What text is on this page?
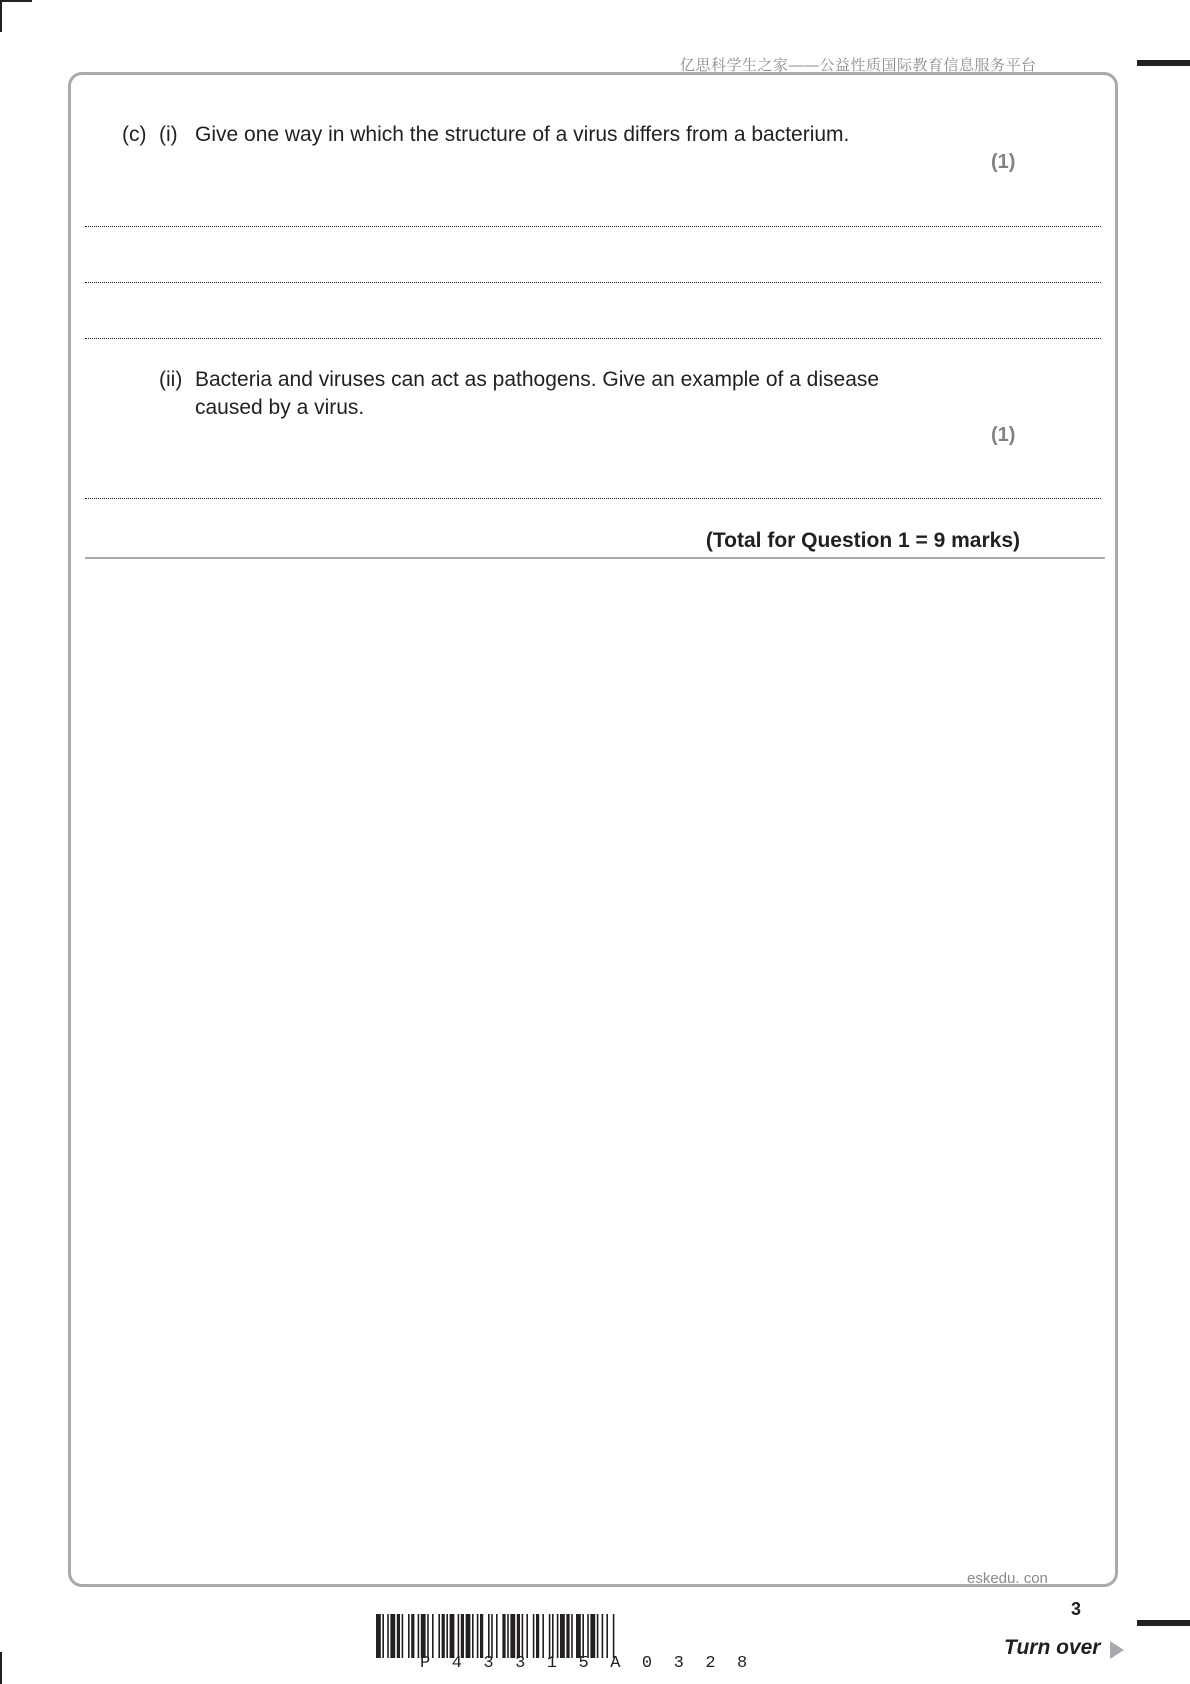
亿思科学生之家——公益性质国际教育信息服务平台
(c) (i) Give one way in which the structure of a virus differs from a bacterium.
(1)
(ii) Bacteria and viruses can act as pathogens. Give an example of a disease
caused by a virus.
(1)
(Total for Question 1 = 9 marks)
eskedu. con
3
Turn over
P43315A0328
